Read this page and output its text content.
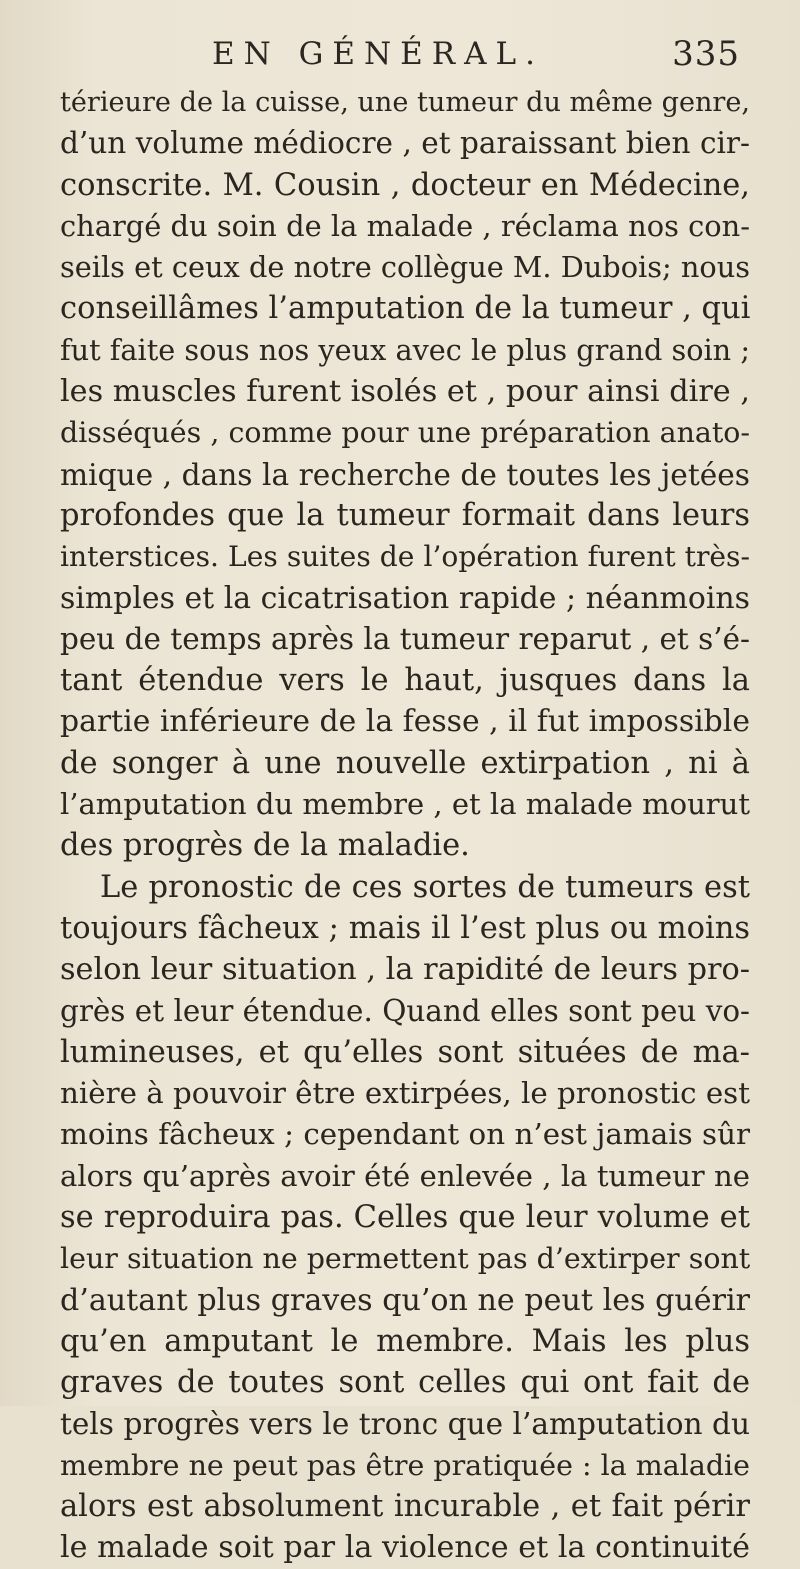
EN GÉNÉRAL.	335
térieure de la cuisse, une tumeur du même genre,
d’un volume médiocre , et paraissant bien cir-
conscrite. M. Cousin , docteur en Médecine,
chargé du soin de la malade , réclama nos con-
seils et ceux de notre collègue M. Dubois; nous
conseillâmes l’amputation de la tumeur , qui
fut faite sous nos yeux avec le plus grand soin ;
les muscles furent isolés et , pour ainsi dire ,
disséqués , comme pour une préparation anato-
mique , dans la recherche de toutes les jetées
profondes que la tumeur formait dans leurs
interstices. Les suites de l’opération furent très-
simples et la cicatrisation rapide ; néanmoins
peu de temps après la tumeur reparut , et s’é-
tant étendue vers le haut, jusques dans la
partie inférieure de la fesse , il fut impossible
de songer à une nouvelle extirpation , ni à
l’amputation du membre , et la malade mourut
des progrès de la maladie.
Le pronostic de ces sortes de tumeurs est
toujours fâcheux ; mais il l’est plus ou moins
selon leur situation , la rapidité de leurs pro-
grès et leur étendue. Quand elles sont peu vo-
lumineuses, et qu’elles sont situées de ma-
nière à pouvoir être extirpées, le pronostic est
moins fâcheux ; cependant on n’est jamais sûr
alors qu’après avoir été enlevée , la tumeur ne
se reproduira pas. Celles que leur volume et
leur situation ne permettent pas d’extirper sont
d’autant plus graves qu’on ne peut les guérir
qu’en amputant le membre. Mais les plus
graves de toutes sont celles qui ont fait de
tels progrès vers le tronc que l’amputation du
membre ne peut pas être pratiquée : la maladie
alors est absolument incurable , et fait périr
le malade soit par la violence et la continuité
